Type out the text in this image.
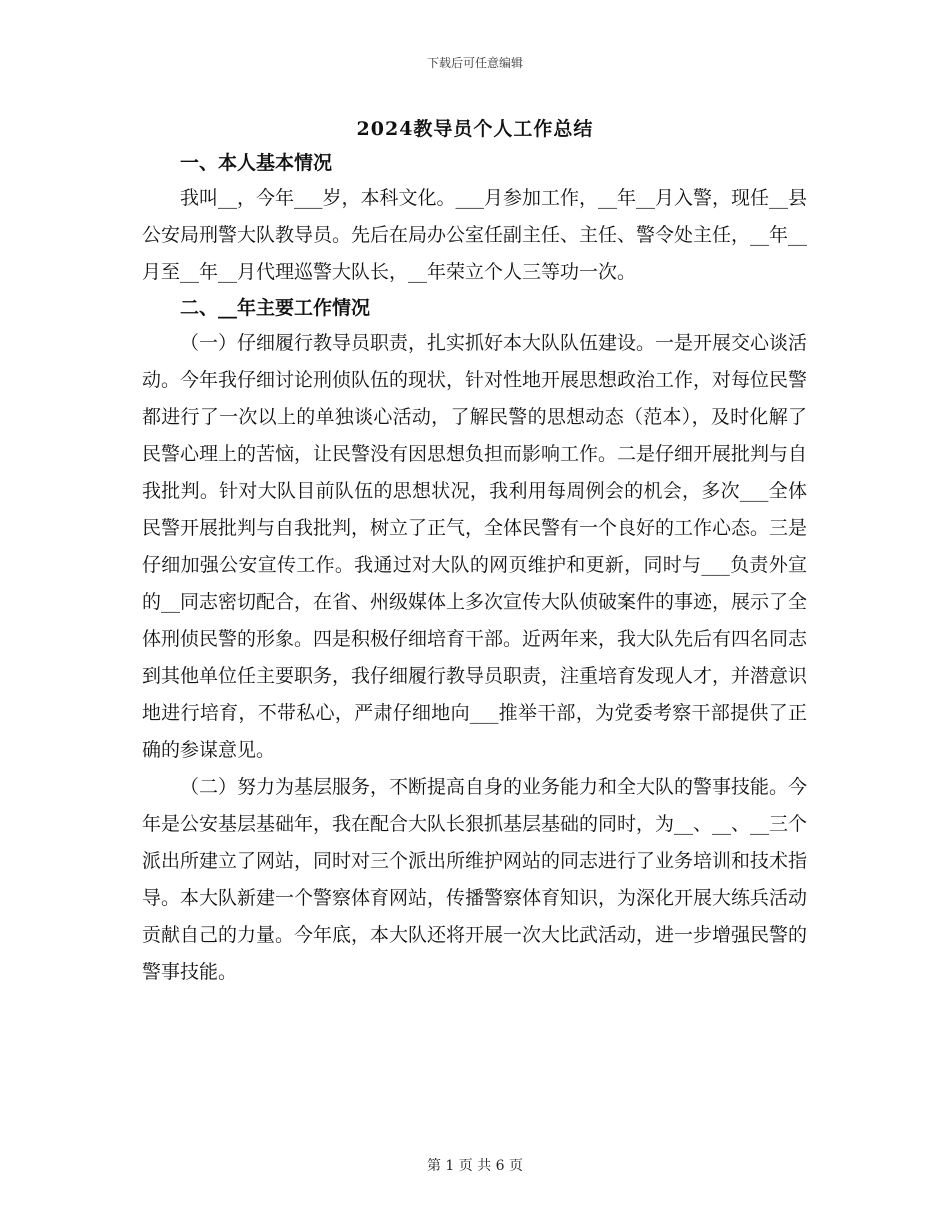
下载后可任意编辑
2024教导员个人工作总结

一、本人基本情况

我叫__，今年___岁，本科文化。___月参加工作，__年__月入警，现任__县公安局刑警大队教导员。先后在局办公室任副主任、主任、警令处主任，__年__月至__年__月代理巡警大队长，__年荣立个人三等功一次。

二、__年主要工作情况

（一）仔细履行教导员职责，扎实抓好本大队队伍建设。一是开展交心谈活动。今年我仔细讨论刑侦队伍的现状，针对性地开展思想政治工作，对每位民警都进行了一次以上的单独谈心活动，了解民警的思想动态（范本），及时化解了民警心理上的苦恼，让民警没有因思想负担而影响工作。二是仔细开展批判与自我批判。针对大队目前队伍的思想状况，我利用每周例会的机会，多次___全体民警开展批判与自我批判，树立了正气，全体民警有一个良好的工作心态。三是仔细加强公安宣传工作。我通过对大队的网页维护和更新，同时与___负责外宣的__同志密切配合，在省、州级媒体上多次宣传大队侦破案件的事迹，展示了全体刑侦民警的形象。四是积极仔细培育干部。近两年来，我大队先后有四名同志到其他单位任主要职务，我仔细履行教导员职责，注重培育发现人才，并潜意识地进行培育，不带私心，严肃仔细地向___推举干部，为党委考察干部提供了正确的参谋意见。

（二）努力为基层服务，不断提高自身的业务能力和全大队的警事技能。今年是公安基层基础年，我在配合大队长狠抓基层基础的同时，为__、__、__三个派出所建立了网站，同时对三个派出所维护网站的同志进行了业务培训和技术指导。本大队新建一个警察体育网站，传播警察体育知识，为深化开展大练兵活动贡献自己的力量。今年底，本大队还将开展一次大比武活动，进一步增强民警的警事技能。

第 1 页 共 6 页
